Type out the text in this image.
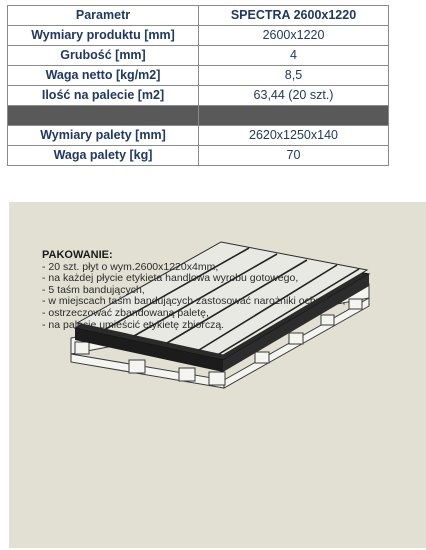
Parametr	SPECTRA 2600x1220
Wymiary produktu [mm]	2600x1220
Grubość [mm]	4
Waga netto [kg/m2]	8,5
Ilość na palecie [m2]	63,44 (20 szt.)

Wymiary palety [mm]	2620x1250x140
Waga palety [kg]	70
PAKOWANIE:
- 20 szt. płyt o wym.2600x1220x4mm,
- na każdej płycie etykieta handlowa wyrobu gotowego,
- 5 taśm bandujących,
- w miejscach taśm bandujących zastosować narożniki ochronne,
- ostrzeczować zbandowaną paletę,
- na palecie umieścić etykietę zbiorczą.
